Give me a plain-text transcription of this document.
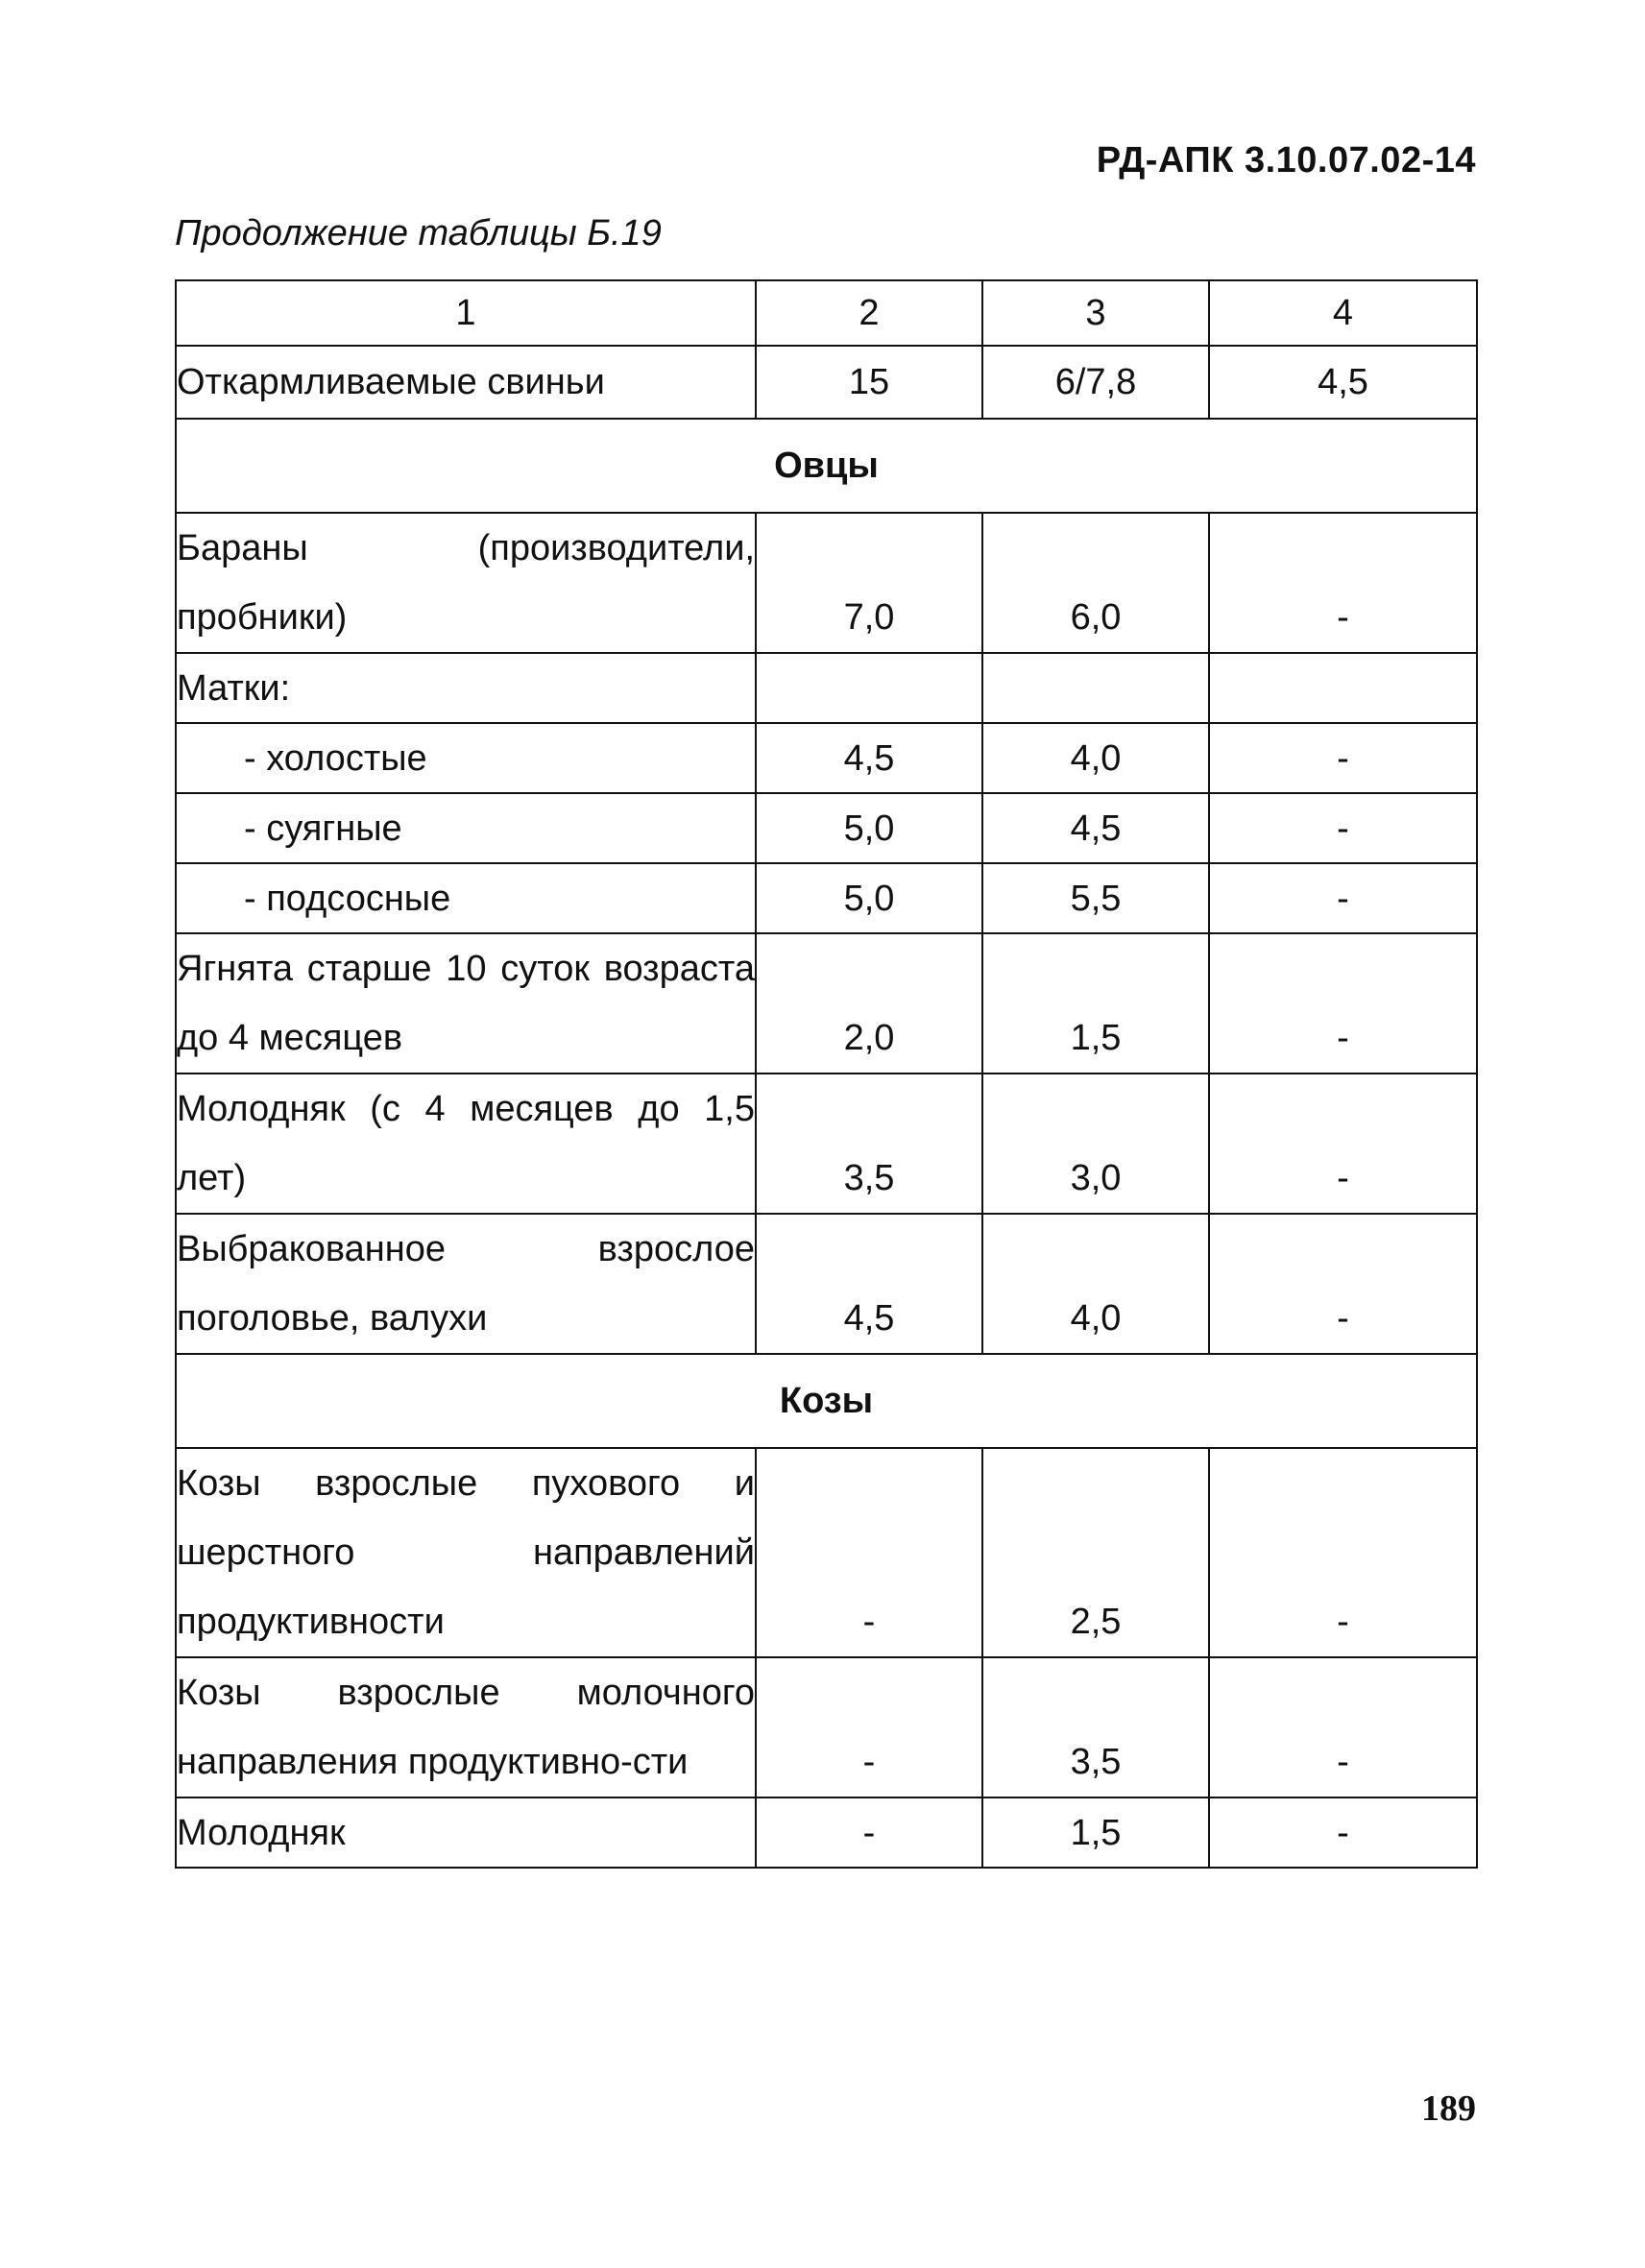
РД-АПК 3.10.07.02-14
Продолжение таблицы Б.19
1	2	3	4
Откармливаемые свиньи	15	6/7,8	4,5
Овцы			
Бараны (производители, пробники)	7,0	6,0	-
Матки:			
- холостые	4,5	4,0	-
- суягные	5,0	4,5	-
- подсосные	5,0	5,5	-
Ягнята старше 10 суток возраста до 4 месяцев	2,0	1,5	-
Молодняк (с 4 месяцев до 1,5 лет)	3,5	3,0	-
Выбракованное взрослое поголовье, валухи	4,5	4,0	-
Козы			
Козы взрослые пухового и шерстного направлений продуктивности	-	2,5	-
Козы взрослые молочного направления продуктивно-сти	-	3,5	-
Молодняк	-	1,5	-
189
